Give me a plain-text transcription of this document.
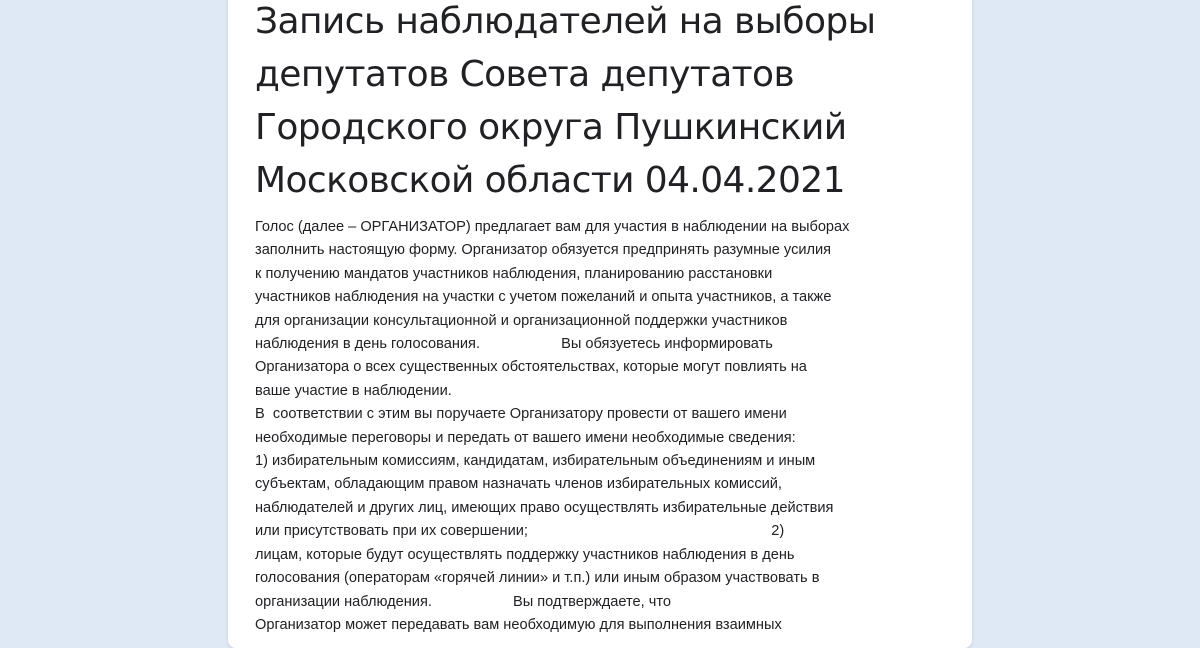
Запись наблюдателей на выборы
депутатов Совета депутатов
Городского округа Пушкинский
Московской области 04.04.2021
Голос (далее – ОРГАНИЗАТОР) предлагает вам для участия в наблюдении на выборах
заполнить настоящую форму. Организатор обязуется предпринять разумные усилия
к получению мандатов участников наблюдения, планированию расстановки
участников наблюдения на участки с учетом пожеланий и опыта участников, а также
для организации консультационной и организационной поддержки участников
наблюдения в день голосования.                    Вы обязуетесь информировать
Организатора о всех существенных обстоятельствах, которые могут повлиять на
ваше участие в наблюдении.
В  соответствии с этим вы поручаете Организатору провести от вашего имени
необходимые переговоры и передать от вашего имени необходимые сведения:
1) избирательным комиссиям, кандидатам, избирательным объединениям и иным
субъектам, обладающим правом назначать членов избирательных комиссий,
наблюдателей и других лиц, имеющих право осуществлять избирательные действия
или присутствовать при их совершении;                                                            2)
лицам, которые будут осуществлять поддержку участников наблюдения в день
голосования (операторам «горячей линии» и т.п.) или иным образом участвовать в
организации наблюдения.                    Вы подтверждаете, что
Организатор может передавать вам необходимую для выполнения взаимных
